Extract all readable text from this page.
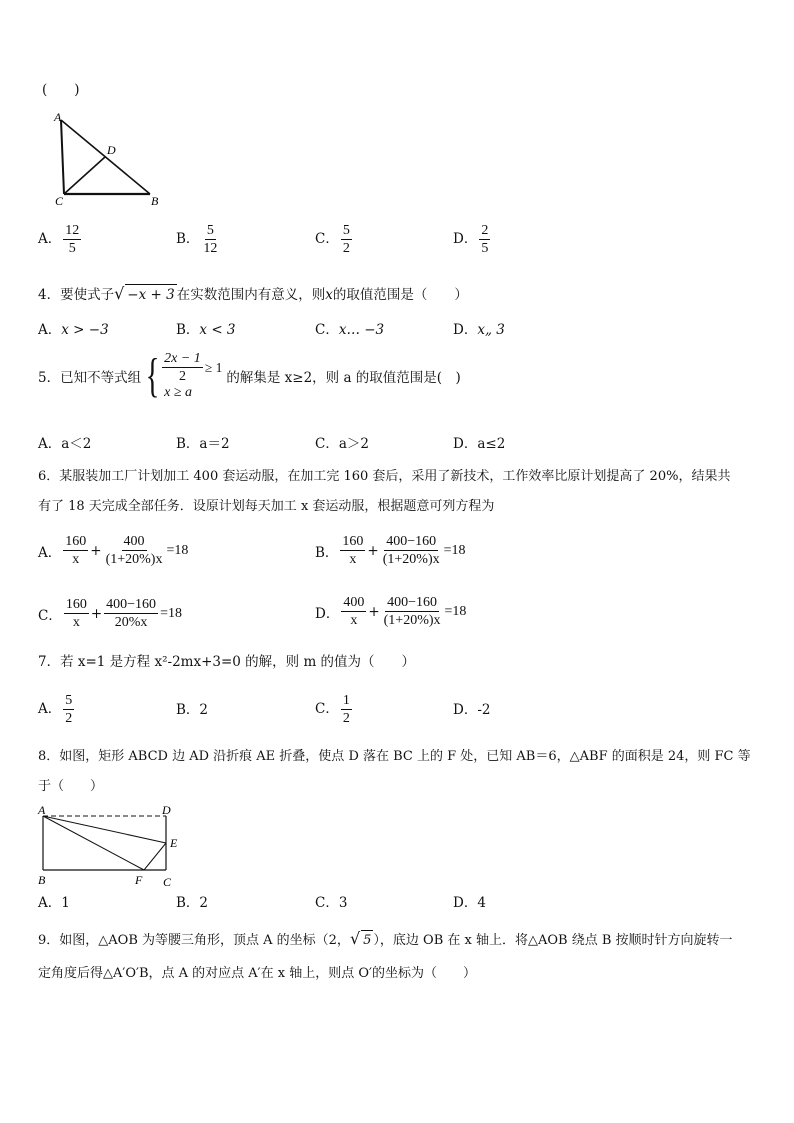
(　　)
A
D
C	B
A． $\frac{12}{5}$	B． $\frac{5}{12}$	C． $\frac{5}{2}$	D． $\frac{2}{5}$
4．要使式子√ −x + 3 在实数范围内有意义，则x的取值范围是（　　）
A．x > −3	B．x < 3	C．x… −3	D．x„ 3
5．已知不等式组 { $\frac{2x - 1}{2} \ge 1$
x ≥ a
的解集是 x≥2，则 a 的取值范围是(　)
A．a＜2	B．a＝2	C．a＞2	D．a≤2
6．某服装加工厂计划加工 400 套运动服，在加工完 160 套后，采用了新技术，工作效率比原计划提高了 20%，结果共
有了 18 天完成全部任务．设原计划每天加工 x 套运动服，根据题意可列方程为
A． $\frac{160}{x} + \frac{400}{(1+20\%)x} =18$	B． $\frac{160}{x} + \frac{400-160}{(1+20\%)x} =18$
C． $\frac{160}{x} + \frac{400-160}{20\%x} =18$	D． $\frac{400}{x} + \frac{400-160}{(1+20\%)x} =18$
7．若 x=1 是方程 x²-2mx+3=0 的解，则 m 的值为（　　）
A． $\frac{5}{2}$	B．2	C． $\frac{1}{2}$	D．-2
8．如图，矩形 ABCD 边 AD 沿折痕 AE 折叠，使点 D 落在 BC 上的 F 处，已知 AB＝6，△ABF 的面积是 24，则 FC 等
于（　　）
A	D
E
B	F C
A．1	B．2	C．3	D．4
9．如图，△AOB 为等腰三角形，顶点 A 的坐标（2，√ 5 ），底边 OB 在 x 轴上．将△AOB 绕点 B 按顺时针方向旋转一
定角度后得△A′O′B，点 A 的对应点 A′在 x 轴上，则点 O′的坐标为（　　）
